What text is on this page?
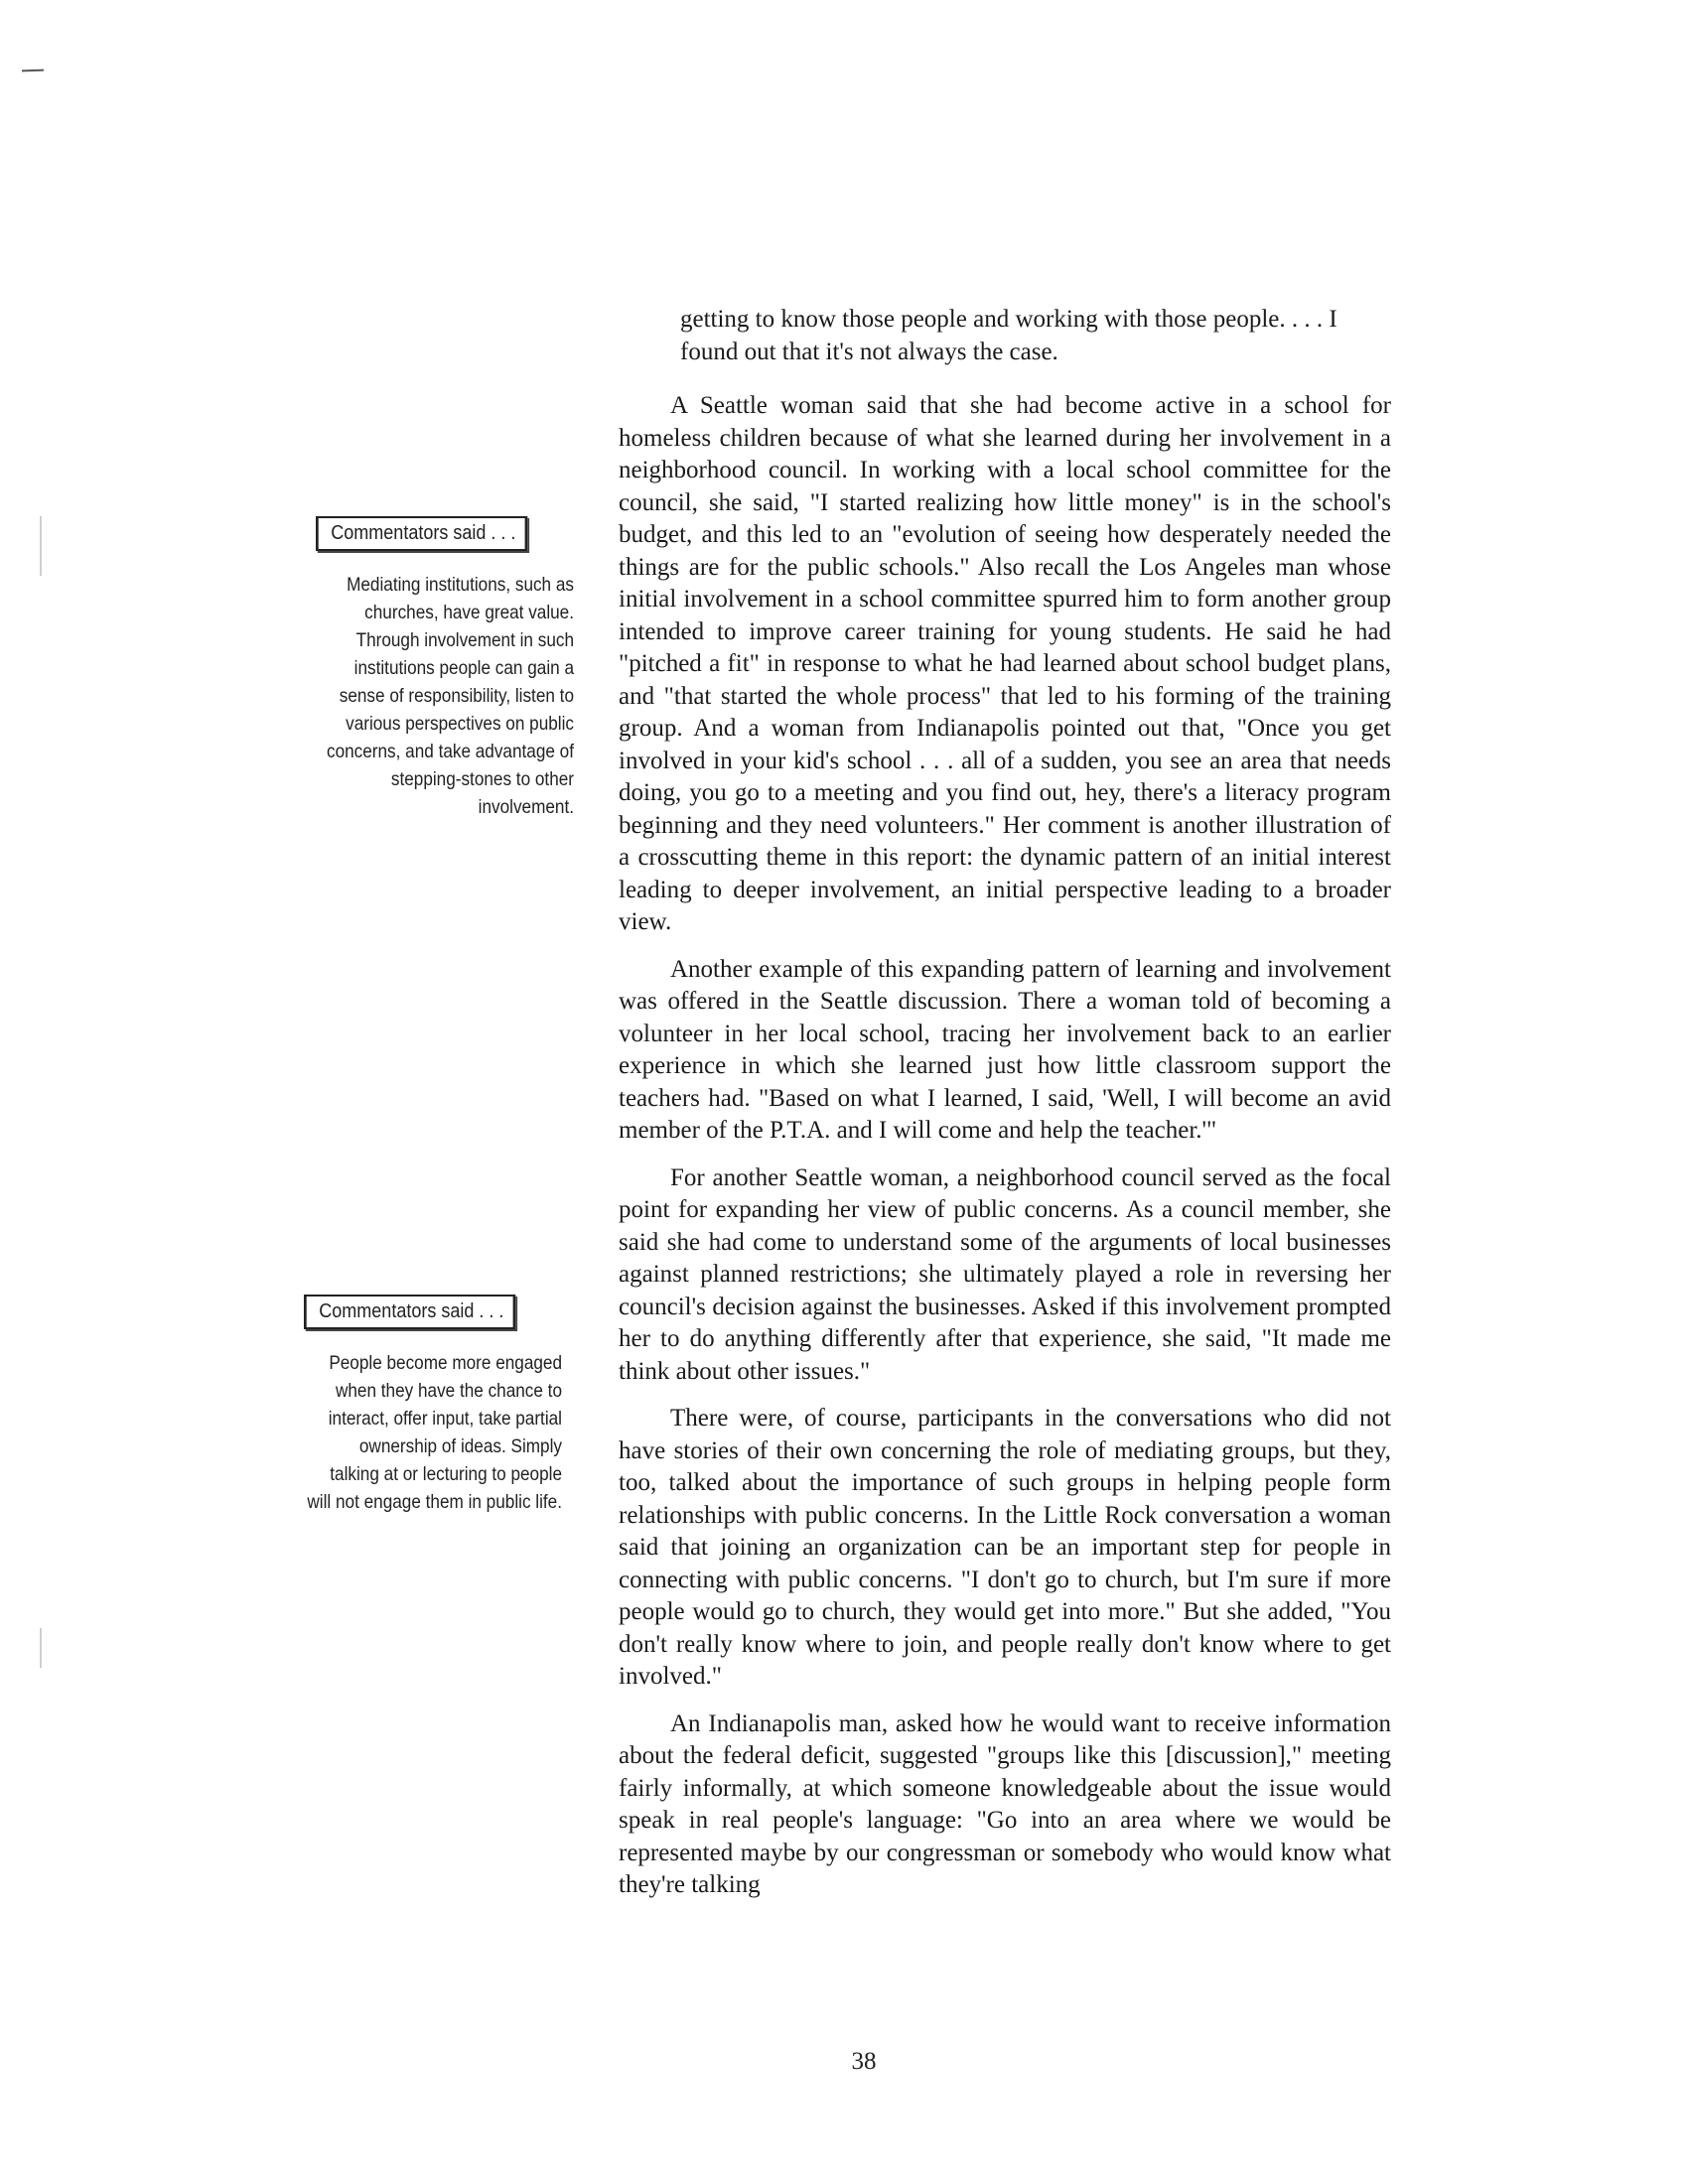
Commentators said . . .
Mediating institutions, such as churches, have great value. Through involvement in such institutions people can gain a sense of responsibility, listen to various perspectives on public concerns, and take advantage of stepping-stones to other involvement.
Commentators said . . .
People become more engaged when they have the chance to interact, offer input, take partial ownership of ideas. Simply talking at or lecturing to people will not engage them in public life.

getting to know those people and working with those people. . . . I found out that it's not always the case.

A Seattle woman said that she had become active in a school for homeless children because of what she learned during her involvement in a neighborhood council. In working with a local school committee for the council, she said, "I started realizing how little money" is in the school's budget, and this led to an "evolution of seeing how desperately needed the things are for the public schools." Also recall the Los Angeles man whose initial involvement in a school committee spurred him to form another group intended to improve career training for young students. He said he had "pitched a fit" in response to what he had learned about school budget plans, and "that started the whole process" that led to his forming of the training group. And a woman from Indianapolis pointed out that, "Once you get involved in your kid's school . . . all of a sudden, you see an area that needs doing, you go to a meeting and you find out, hey, there's a literacy program beginning and they need volunteers." Her comment is another illustration of a crosscutting theme in this report: the dynamic pattern of an initial interest leading to deeper involvement, an initial perspective leading to a broader view.

Another example of this expanding pattern of learning and involvement was offered in the Seattle discussion. There a woman told of becoming a volunteer in her local school, tracing her involvement back to an earlier experience in which she learned just how little classroom support the teachers had. "Based on what I learned, I said, 'Well, I will become an avid member of the P.T.A. and I will come and help the teacher.'"

For another Seattle woman, a neighborhood council served as the focal point for expanding her view of public concerns. As a council member, she said she had come to understand some of the arguments of local businesses against planned restrictions; she ultimately played a role in reversing her council's decision against the businesses. Asked if this involvement prompted her to do anything differently after that experience, she said, "It made me think about other issues."

There were, of course, participants in the conversations who did not have stories of their own concerning the role of mediating groups, but they, too, talked about the importance of such groups in helping people form relationships with public concerns. In the Little Rock conversation a woman said that joining an organization can be an important step for people in connecting with public concerns. "I don't go to church, but I'm sure if more people would go to church, they would get into more." But she added, "You don't really know where to join, and people really don't know where to get involved."

An Indianapolis man, asked how he would want to receive information about the federal deficit, suggested "groups like this [discussion]," meeting fairly informally, at which someone knowledgeable about the issue would speak in real people's language: "Go into an area where we would be represented maybe by our congressman or somebody who would know what they're talking

38
